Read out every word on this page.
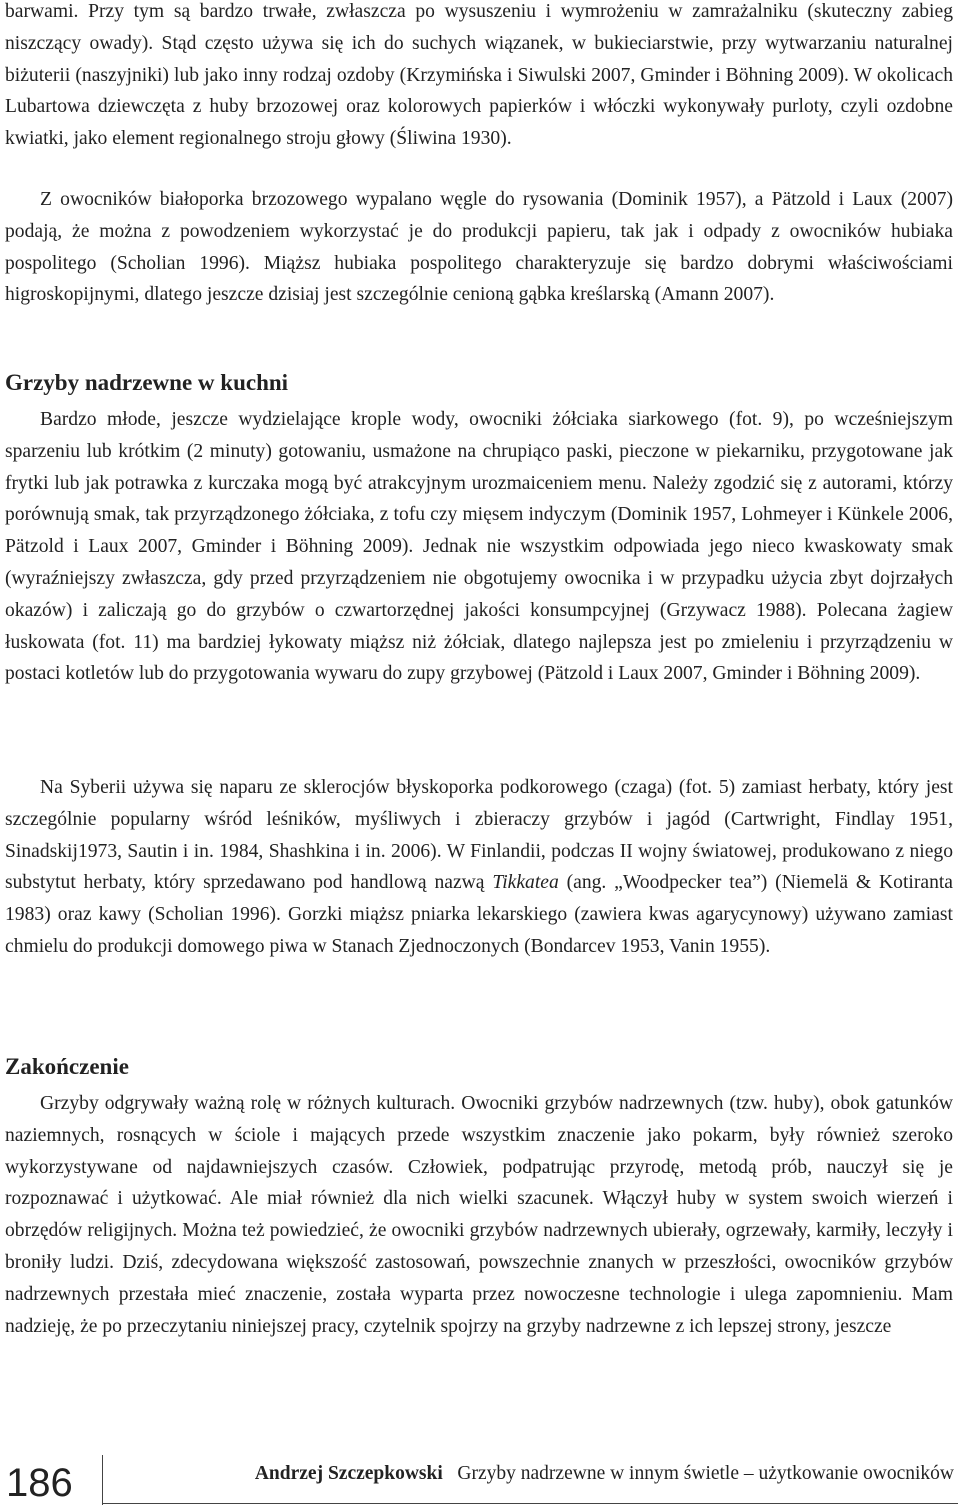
barwami. Przy tym są bardzo trwałe, zwłaszcza po wysuszeniu i wymrożeniu w zamrażalniku (skuteczny zabieg niszczący owady). Stąd często używa się ich do suchych wiązanek, w bukieciarstwie, przy wytwarzaniu naturalnej biżuterii (naszyjniki) lub jako inny rodzaj ozdoby (Krzymińska i Siwulski 2007, Gminder i Böhning 2009). W okolicach Lubartowa dziewczęta z huby brzozowej oraz kolorowych papierków i włóczki wykonywały purloty, czyli ozdobne kwiatki, jako element regionalnego stroju głowy (Śliwina 1930).

Z owocników białoporka brzozowego wypalano węgle do rysowania (Dominik 1957), a Pätzold i Laux (2007) podają, że można z powodzeniem wykorzystać je do produkcji papieru, tak jak i odpady z owocników hubiaka pospolitego (Scholian 1996). Miąższ hubiaka pospolitego charakteryzuje się bardzo dobrymi właściwościami higroskopijnymi, dlatego jeszcze dzisiaj jest szczególnie cenioną gąbka kreślarską (Amann 2007).

Grzyby nadrzewne w kuchni

Bardzo młode, jeszcze wydzielające krople wody, owocniki żółciaka siarkowego (fot. 9), po wcześniejszym sparzeniu lub krótkim (2 minuty) gotowaniu, usmażone na chrupiąco paski, pieczone w piekarniku, przygotowane jak frytki lub jak potrawka z kurczaka mogą być atrakcyjnym urozmaiceniem menu. Należy zgodzić się z autorami, którzy porównują smak, tak przyrządzonego żółciaka, z tofu czy mięsem indyczym (Dominik 1957, Lohmeyer i Künkele 2006, Pätzold i Laux 2007, Gminder i Böhning 2009). Jednak nie wszystkim odpowiada jego nieco kwaskowaty smak (wyraźniejszy zwłaszcza, gdy przed przyrządzeniem nie obgotujemy owocnika i w przypadku użycia zbyt dojrzałych okazów) i zaliczają go do grzybów o czwartorzędnej jakości konsumpcyjnej (Grzywacz 1988). Polecana żagiew łuskowata (fot. 11) ma bardziej łykowaty miąższ niż żółciak, dlatego najlepsza jest po zmieleniu i przyrządzeniu w postaci kotletów lub do przygotowania wywaru do zupy grzybowej (Pätzold i Laux 2007, Gminder i Böhning 2009).

Na Syberii używa się naparu ze sklerocjów błyskoporka podkorowego (czaga) (fot. 5) zamiast herbaty, który jest szczególnie popularny wśród leśników, myśliwych i zbieraczy grzybów i jagód (Cartwright, Findlay 1951, Sinadskij1973, Sautin i in. 1984, Shashkina i in. 2006). W Finlandii, podczas II wojny światowej, produkowano z niego substytut herbaty, który sprzedawano pod handlową nazwą Tikkatea (ang. „Woodpecker tea”) (Niemelä & Kotiranta 1983) oraz kawy (Scholian 1996). Gorzki miąższ pniarka lekarskiego (zawiera kwas agarycynowy) używano zamiast chmielu do produkcji domowego piwa w Stanach Zjednoczonych (Bondarcev 1953, Vanin 1955).

Zakończenie

Grzyby odgrywały ważną rolę w różnych kulturach. Owocniki grzybów nadrzewnych (tzw. huby), obok gatunków naziemnych, rosnących w ściole i mających przede wszystkim znaczenie jako pokarm, były również szeroko wykorzystywane od najdawniejszych czasów. Człowiek, podpatrując przyrodę, metodą prób, nauczył się je rozpoznawać i użytkować. Ale miał również dla nich wielki szacunek. Włączył huby w system swoich wierzeń i obrzędów religijnych. Można też powiedzieć, że owocniki grzybów nadrzewnych ubierały, ogrzewały, karmiły, leczyły i broniły ludzi. Dziś, zdecydowana większość zastosowań, powszechnie znanych w przeszłości, owocników grzybów nadrzewnych przestała mieć znaczenie, została wyparta przez nowoczesne technologie i ulega zapomnieniu. Mam nadzieję, że po przeczytaniu niniejszej pracy, czytelnik spojrzy na grzyby nadrzewne z ich lepszej strony, jeszcze

186	Andrzej Szczepkowski Grzyby nadrzewne w innym świetle – użytkowanie owocników
